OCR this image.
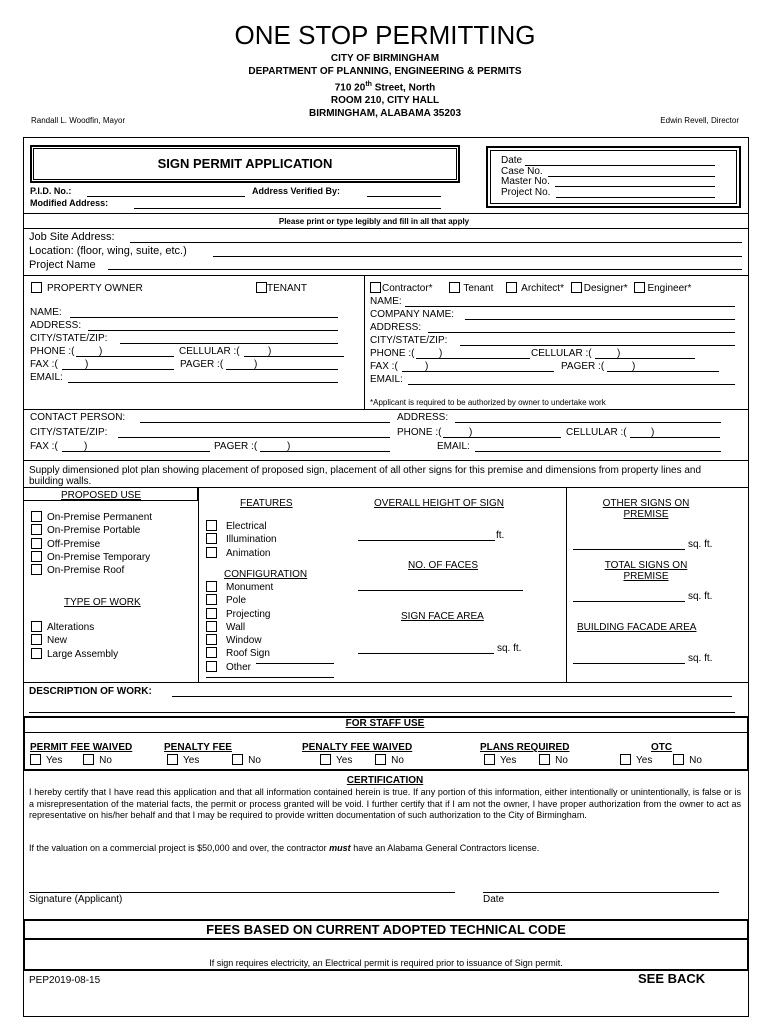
ONE STOP PERMITTING
CITY OF BIRMINGHAM
DEPARTMENT OF PLANNING, ENGINEERING & PERMITS
710 20th Street, North
ROOM 210, CITY HALL
BIRMINGHAM, ALABAMA 35203
Randall L. Woodfin, Mayor	Edwin Revell, Director
SIGN PERMIT APPLICATION
P.I.D. No.:	Address Verified By:
Modified Address:
Date
Case No.
Master No.
Project No.
Please print or type legibly and fill in all that apply
Job Site Address:
Location: (floor, wing, suite, etc.)
Project Name
PROPERTY OWNER	TENANT
NAME:
ADDRESS:
CITY/STATE/ZIP:
PHONE :( )	CELLULAR :(	)
FAX :(	)	PAGER :(	)
EMAIL:
Contractor*	Tenant	Architect* Designer* Engineer*
NAME:
COMPANY NAME:
ADDRESS:
CITY/STATE/ZIP:
PHONE :( )	CELLULAR :(	)
FAX :(	)	PAGER :(	)
EMAIL:
*Applicant is required to be authorized by owner to undertake work
CONTACT PERSON:	ADDRESS:
CITY/STATE/ZIP:	PHONE :(	)	CELLULAR :( )
FAX :(	)	PAGER :(	)	EMAIL:
Supply dimensioned plot plan showing placement of proposed sign, placement of all other signs for this premise and dimensions from property lines and building walls.
PROPOSED USE
On-Premise Permanent
On-Premise Portable
Off-Premise
On-Premise Temporary
On-Premise Roof
TYPE OF WORK
Alterations
New
Large Assembly
FEATURES
Electrical
Illumination
Animation
CONFIGURATION
Monument
Pole
Projecting
Wall
Window
Roof Sign
Other
OVERALL HEIGHT OF SIGN
ft.
NO. OF FACES
SIGN FACE AREA
sq. ft.
OTHER SIGNS ON PREMISE
sq. ft.
TOTAL SIGNS ON PREMISE
sq. ft.
BUILDING FACADE AREA
sq. ft.
DESCRIPTION OF WORK:
FOR STAFF USE
PERMIT FEE WAIVED
Yes	No
PENALTY FEE
Yes	No
PENALTY FEE WAIVED
Yes	No
PLANS REQUIRED
Yes	No
OTC
Yes	No
CERTIFICATION
I hereby certify that I have read this application and that all information contained herein is true. If any portion of this information, either intentionally or unintentionally, is false or is a misrepresentation of the material facts, the permit or process granted will be void. I further certify that if I am not the owner, I have proper authorization from the owner to act as representative on his/her behalf and that I may be required to provide written documentation of such authorization to the City of Birmingham.
If the valuation on a commercial project is $50,000 and over, the contractor must have an Alabama General Contractors license.
Signature (Applicant)	Date
FEES BASED ON CURRENT ADOPTED TECHNICAL CODE
If sign requires electricity, an Electrical permit is required prior to issuance of Sign permit.
PEP2019-08-15	SEE BACK
